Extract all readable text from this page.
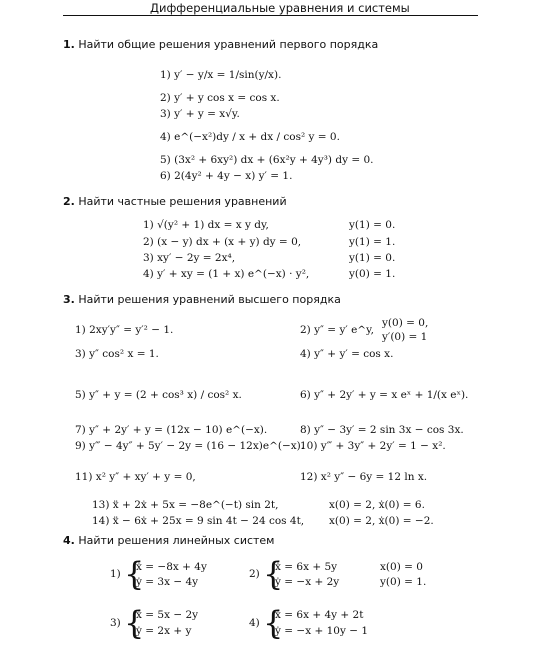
Дифференциальные уравнения и системы
1. Найти общие решения уравнений первого порядка
1) y′ − y/x = 1/sin(y/x).
2) y′ + y cos x = cos x.
3) y′ + y = x√y.
4) e^(−x²)dy / x + dx / cos² y = 0.
5) (3x² + 6xy²) dx + (6x²y + 4y³) dy = 0.
6) 2(4y² + 4y − x) y′ = 1.
2. Найти частные решения уравнений
1) √(y² + 1) dx = x y dy,	y(1) = 0.
2) (x − y) dx + (x + y) dy = 0,	y(1) = 1.
3) xy′ − 2y = 2x⁴,	y(1) = 0.
4) y′ + xy = (1 + x) e^(−x) · y²,	y(0) = 1.
3. Найти решения уравнений высшего порядка
1) 2xy′y″ = y′² − 1.	2) y″ = y′ e^y,
y(0) = 0,
y′(0) = 1
3) y″ cos² x = 1.	4) y″ + y′ = cos x.
5) y″ + y = (2 + cos³ x) / cos² x.	6) y″ + 2y′ + y = x eˣ + 1/(x eˣ).
7) y″ + 2y′ + y = (12x − 10) e^(−x).	8) y″ − 3y′ = 2 sin 3x − cos 3x.
9) y‴ − 4y″ + 5y′ − 2y = (16 − 12x)e^(−x).
10) y‴ + 3y″ + 2y′ = 1 − x².
11) x² y″ + xy′ + y = 0,	12) x² y″ − 6y = 12 ln x.
13) ẍ + 2ẋ + 5x = −8e^(−t) sin 2t,	x(0) = 2, ẋ(0) = 6.
14) ẍ − 6ẋ + 25x = 9 sin 4t − 24 cos 4t, x(0) = 2, ẋ(0) = −2.
4. Найти решения линейных систем
1) {
ẋ = −8x + 4y
ẏ = 3x − 4y
2) {
ẋ = 6x + 5y
ẏ = −x + 2y
x(0) = 0
y(0) = 1.
3) {
ẋ = 5x − 2y
ẏ = 2x + y
4) {
ẋ = 6x + 4y + 2t
ẏ = −x + 10y − 1
